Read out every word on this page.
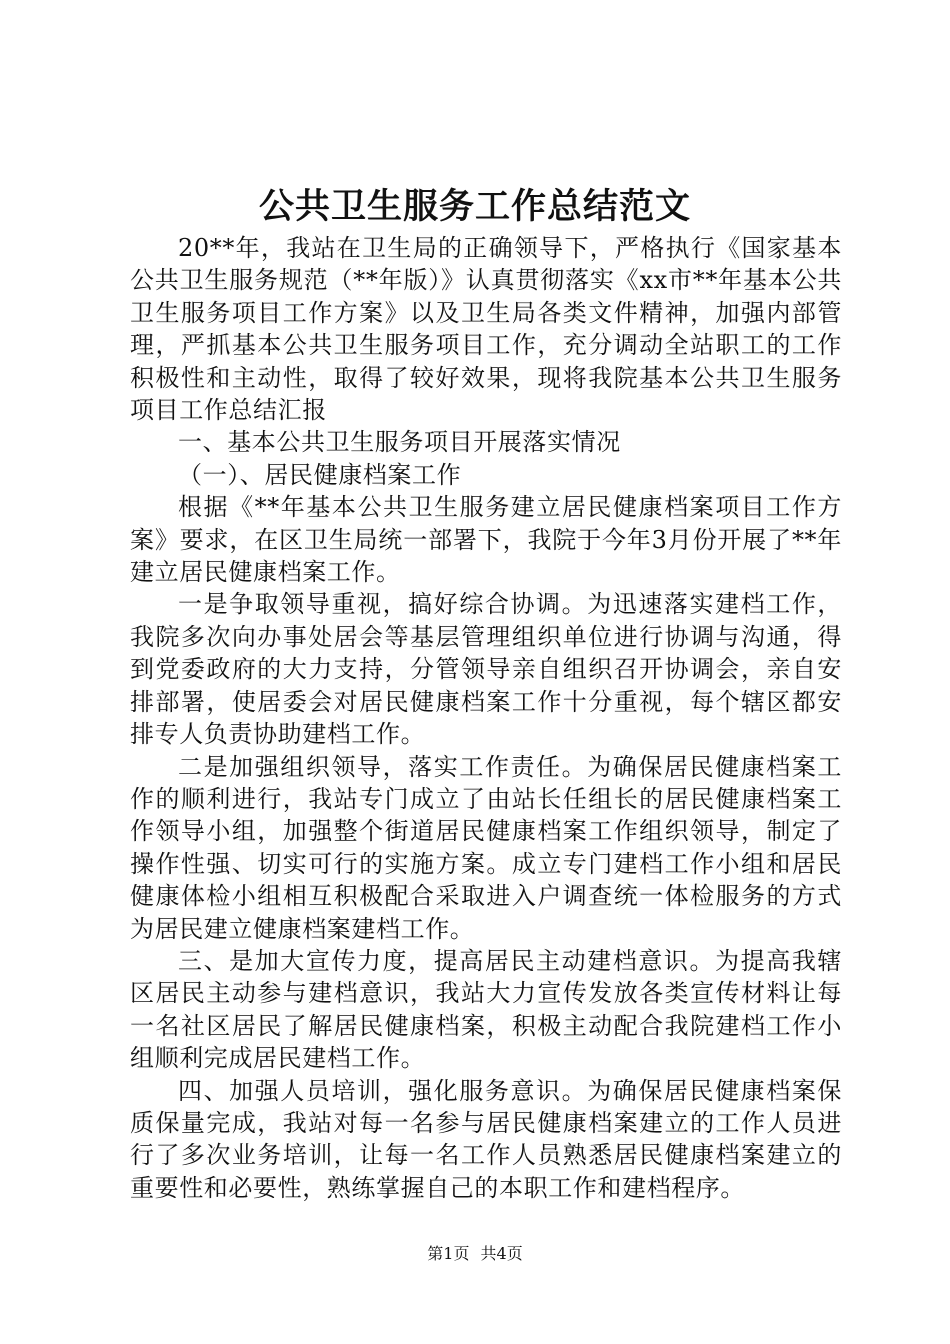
公共卫生服务工作总结范文

20**年，我站在卫生局的正确领导下，严格执行《国家基本公共卫生服务规范（**年版）》认真贯彻落实《xx市**年基本公共卫生服务项目工作方案》以及卫生局各类文件精神，加强内部管理，严抓基本公共卫生服务项目工作，充分调动全站职工的工作积极性和主动性，取得了较好效果，现将我院基本公共卫生服务项目工作总结汇报

一、基本公共卫生服务项目开展落实情况

（一）、居民健康档案工作

根据《**年基本公共卫生服务建立居民健康档案项目工作方案》要求，在区卫生局统一部署下，我院于今年3月份开展了**年建立居民健康档案工作。

一是争取领导重视，搞好综合协调。为迅速落实建档工作，我院多次向办事处居会等基层管理组织单位进行协调与沟通，得到党委政府的大力支持，分管领导亲自组织召开协调会，亲自安排部署，使居委会对居民健康档案工作十分重视，每个辖区都安排专人负责协助建档工作。

二是加强组织领导，落实工作责任。为确保居民健康档案工作的顺利进行，我站专门成立了由站长任组长的居民健康档案工作领导小组，加强整个街道居民健康档案工作组织领导，制定了操作性强、切实可行的实施方案。成立专门建档工作小组和居民健康体检小组相互积极配合采取进入户调查统一体检服务的方式为居民建立健康档案建档工作。

三、是加大宣传力度，提高居民主动建档意识。为提高我辖区居民主动参与建档意识，我站大力宣传发放各类宣传材料让每一名社区居民了解居民健康档案，积极主动配合我院建档工作小组顺利完成居民建档工作。

四、加强人员培训，强化服务意识。为确保居民健康档案保质保量完成，我站对每一名参与居民健康档案建立的工作人员进行了多次业务培训，让每一名工作人员熟悉居民健康档案建立的重要性和必要性，熟练掌握自己的本职工作和建档程序。

第1页 共4页
